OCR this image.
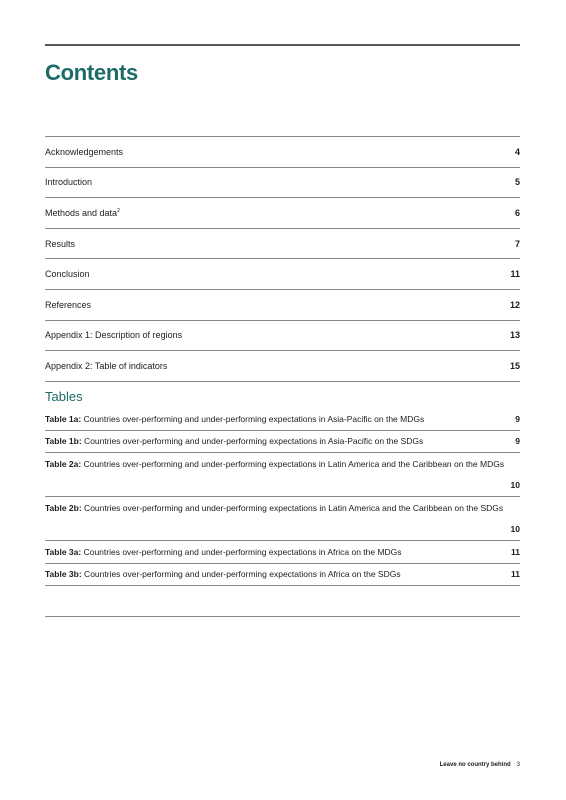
Contents
Acknowledgements	4
Introduction	5
Methods and data$^2$	6
Results	7
Conclusion	11
References	12
Appendix 1: Description of regions	13
Appendix 2: Table of indicators	15
Tables
Table 1a: Countries over-performing and under-performing expectations in Asia-Pacific on the MDGs	9
Table 1b: Countries over-performing and under-performing expectations in Asia-Pacific on the SDGs	9
Table 2a: Countries over-performing and under-performing expectations in Latin America and the Caribbean on the MDGs
10
Table 2b: Countries over-performing and under-performing expectations in Latin America and the Caribbean on the SDGs
10
Table 3a: Countries over-performing and under-performing expectations in Africa on the MDGs	11
Table 3b: Countries over-performing and under-performing expectations in Africa on the SDGs	11
Leave no country behind 3
